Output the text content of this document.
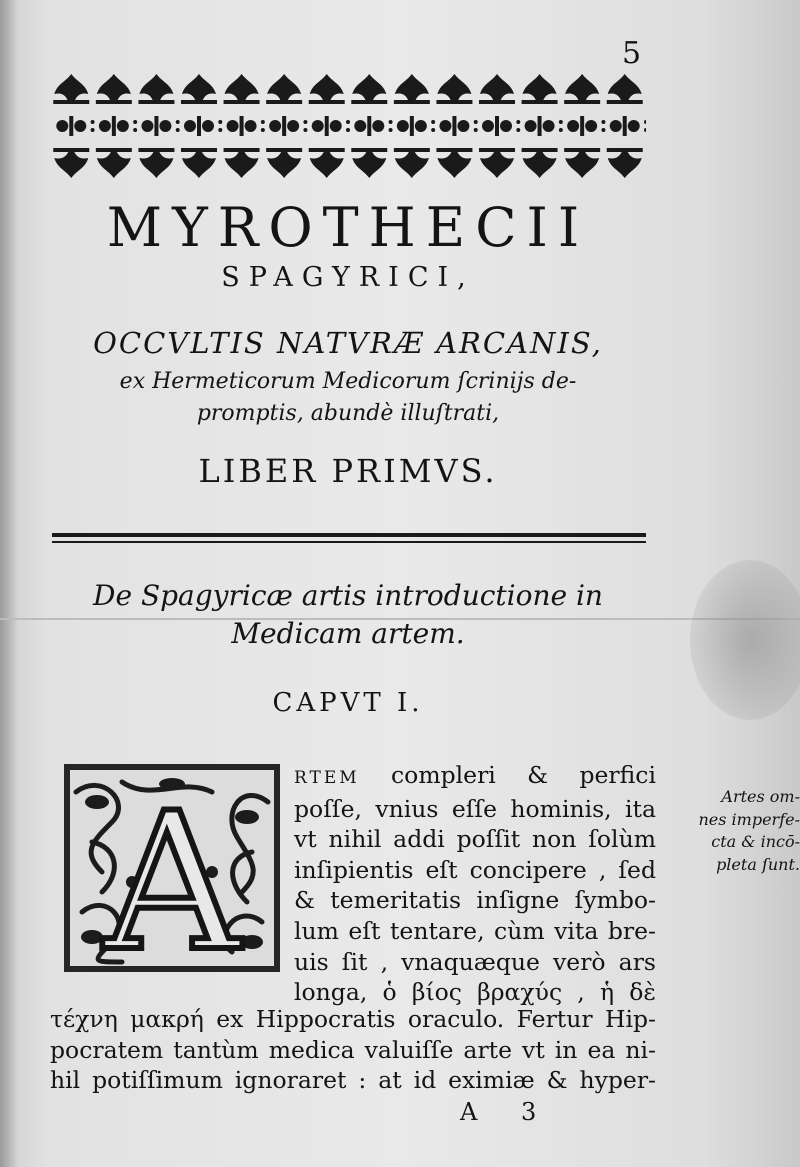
5
MYROTHECII
SPAGYRICI,
OCCVLTIS NATVRÆ ARCANIS,
ex Hermeticorum Medicorum ſcrinijs de-
promptis, abundè illuſtrati,
LIBER PRIMVS.
De Spagyricæ artis introductione in
Medicam artem.
CAPVT I.
A	RTEM compleri & perfici
poſſe, vnius eſſe hominis, ita
vt nihil addi poſſit non ſolùm
inſipientis eſt concipere , ſed
& temeritatis inſigne ſymbo-
lum eſt tentare, cùm vita bre-
uis ſit , vnaquæque verò ars
longa, ὁ βίος βραχύς , ἡ δὲ
τέχνη μακρή ex Hippocratis oraculo. Fertur Hip-
pocratem tantùm medica valuiſſe arte vt in ea ni-
hil potiſſimum ignoraret : at id eximiæ & hyper-
Artes om-
nes imperfe-
cta & incō-
pleta ſunt.
A 3
